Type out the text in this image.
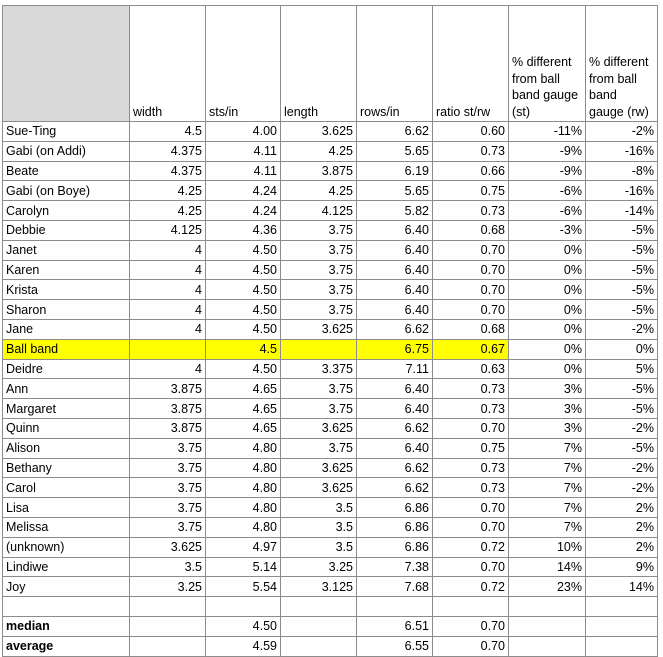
	width	sts/in	length	rows/in	ratio st/rw	% different from ball band gauge (st)	% different from ball band gauge (rw)
Sue-Ting	4.5	4.00	3.625	6.62	0.60	-11%	-2%
Gabi (on Addi)	4.375	4.11	4.25	5.65	0.73	-9%	-16%
Beate	4.375	4.11	3.875	6.19	0.66	-9%	-8%
Gabi (on Boye)	4.25	4.24	4.25	5.65	0.75	-6%	-16%
Carolyn	4.25	4.24	4.125	5.82	0.73	-6%	-14%
Debbie	4.125	4.36	3.75	6.40	0.68	-3%	-5%
Janet	4	4.50	3.75	6.40	0.70	0%	-5%
Karen	4	4.50	3.75	6.40	0.70	0%	-5%
Krista	4	4.50	3.75	6.40	0.70	0%	-5%
Sharon	4	4.50	3.75	6.40	0.70	0%	-5%
Jane	4	4.50	3.625	6.62	0.68	0%	-2%
Ball band		4.5		6.75	0.67	0%	0%
Deidre	4	4.50	3.375	7.11	0.63	0%	5%
Ann	3.875	4.65	3.75	6.40	0.73	3%	-5%
Margaret	3.875	4.65	3.75	6.40	0.73	3%	-5%
Quinn	3.875	4.65	3.625	6.62	0.70	3%	-2%
Alison	3.75	4.80	3.75	6.40	0.75	7%	-5%
Bethany	3.75	4.80	3.625	6.62	0.73	7%	-2%
Carol	3.75	4.80	3.625	6.62	0.73	7%	-2%
Lisa	3.75	4.80	3.5	6.86	0.70	7%	2%
Melissa	3.75	4.80	3.5	6.86	0.70	7%	2%
(unknown)	3.625	4.97	3.5	6.86	0.72	10%	2%
Lindiwe	3.5	5.14	3.25	7.38	0.70	14%	9%
Joy	3.25	5.54	3.125	7.68	0.72	23%	14%

median		4.50		6.51	0.70		
average		4.59		6.55	0.70		
